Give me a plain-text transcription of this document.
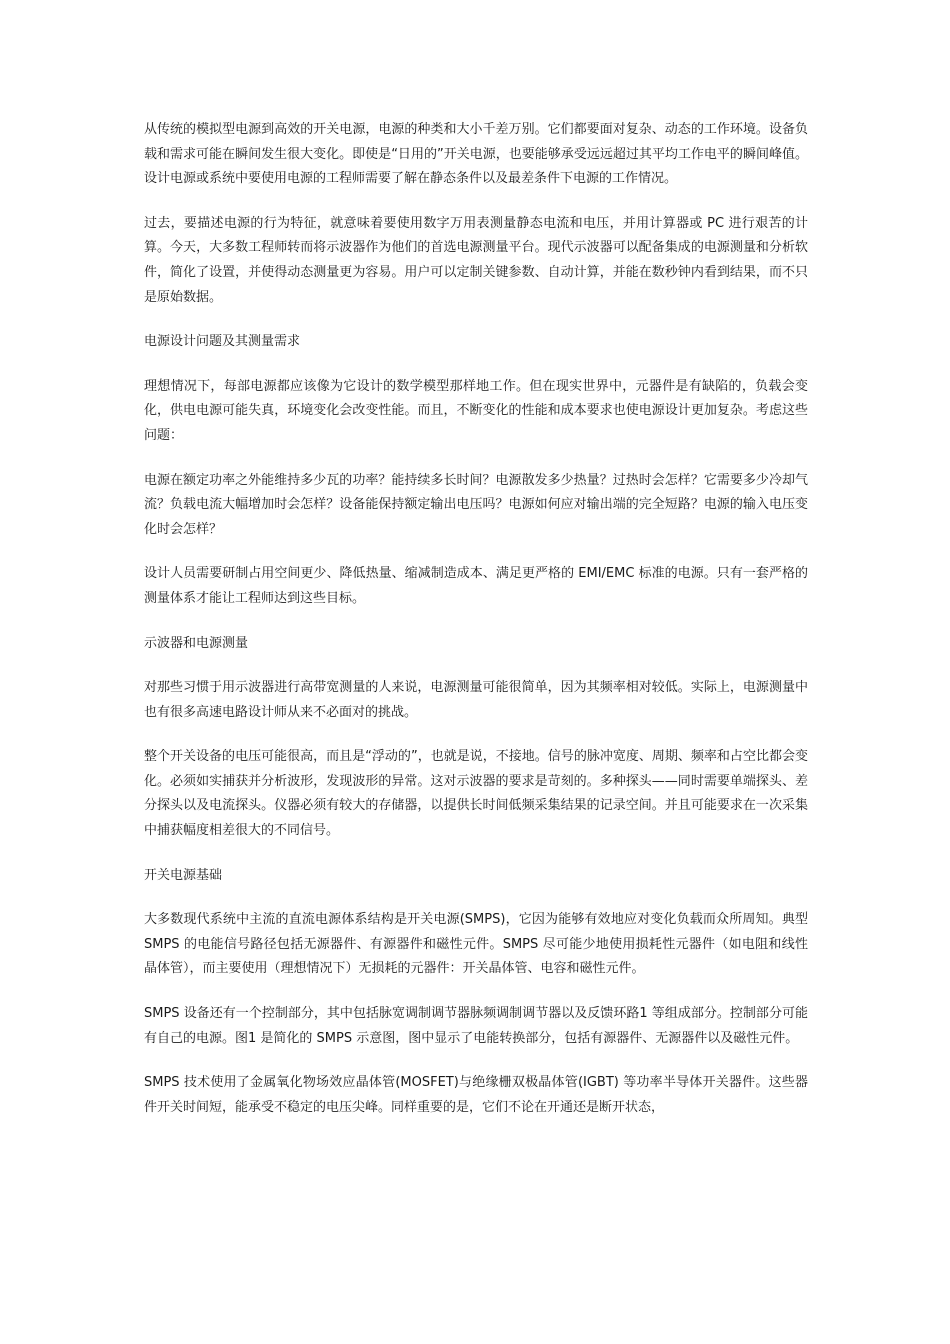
从传统的模拟型电源到高效的开关电源，电源的种类和大小千差万别。它们都要面对复杂、动态的工作环境。设备负载和需求可能在瞬间发生很大变化。即使是“日用的”开关电源，也要能够承受远远超过其平均工作电平的瞬间峰值。设计电源或系统中要使用电源的工程师需要了解在静态条件以及最差条件下电源的工作情况。

过去，要描述电源的行为特征，就意味着要使用数字万用表测量静态电流和电压，并用计算器或 PC 进行艰苦的计算。今天，大多数工程师转而将示波器作为他们的首选电源测量平台。现代示波器可以配备集成的电源测量和分析软件，简化了设置，并使得动态测量更为容易。用户可以定制关键参数、自动计算，并能在数秒钟内看到结果，而不只是原始数据。

电源设计问题及其测量需求

理想情况下，每部电源都应该像为它设计的数学模型那样地工作。但在现实世界中，元器件是有缺陷的，负载会变化，供电电源可能失真，环境变化会改变性能。而且，不断变化的性能和成本要求也使电源设计更加复杂。考虑这些问题：

电源在额定功率之外能维持多少瓦的功率？能持续多长时间？电源散发多少热量？过热时会怎样？它需要多少冷却气流？负载电流大幅增加时会怎样？设备能保持额定输出电压吗？电源如何应对输出端的完全短路？电源的输入电压变化时会怎样？

设计人员需要研制占用空间更少、降低热量、缩减制造成本、满足更严格的 EMI/EMC 标准的电源。只有一套严格的测量体系才能让工程师达到这些目标。

示波器和电源测量

对那些习惯于用示波器进行高带宽测量的人来说，电源测量可能很简单，因为其频率相对较低。实际上，电源测量中也有很多高速电路设计师从来不必面对的挑战。

整个开关设备的电压可能很高，而且是“浮动的”，也就是说，不接地。信号的脉冲宽度、周期、频率和占空比都会变化。必须如实捕获并分析波形，发现波形的异常。这对示波器的要求是苛刻的。多种探头——同时需要单端探头、差分探头以及电流探头。仪器必须有较大的存储器，以提供长时间低频采集结果的记录空间。并且可能要求在一次采集中捕获幅度相差很大的不同信号。

开关电源基础

大多数现代系统中主流的直流电源体系结构是开关电源(SMPS)，它因为能够有效地应对变化负载而众所周知。典型 SMPS 的电能信号路径包括无源器件、有源器件和磁性元件。SMPS 尽可能少地使用损耗性元器件（如电阻和线性晶体管），而主要使用（理想情况下）无损耗的元器件：开关晶体管、电容和磁性元件。

SMPS 设备还有一个控制部分，其中包括脉宽调制调节器脉频调制调节器以及反馈环路1 等组成部分。控制部分可能有自己的电源。图1 是简化的 SMPS 示意图，图中显示了电能转换部分，包括有源器件、无源器件以及磁性元件。

SMPS 技术使用了金属氧化物场效应晶体管(MOSFET)与绝缘栅双极晶体管(IGBT) 等功率半导体开关器件。这些器件开关时间短，能承受不稳定的电压尖峰。同样重要的是，它们不论在开通还是断开状态，
